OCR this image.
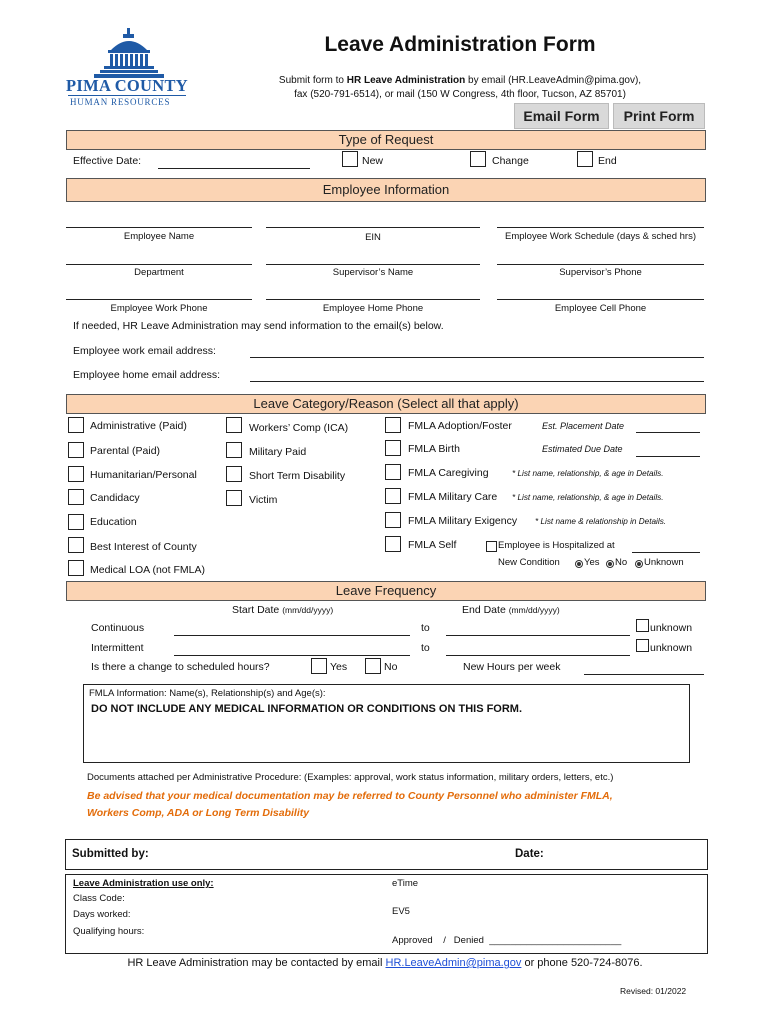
PIMA COUNTY
HUMAN RESOURCES
Leave Administration Form
Submit form to HR Leave Administration by email (HR.LeaveAdmin@pima.gov),
fax (520-791-6514), or mail (150 W Congress, 4th floor, Tucson, AZ 85701)
Email Form	Print Form
Type of Request
Effective Date:	New	Change	End
Employee Information
Employee Name	EIN	Employee Work Schedule (days & sched hrs)
Department	Supervisor’s Name	Supervisor’s Phone
Employee Work Phone	Employee Home Phone	Employee Cell Phone
If needed, HR Leave Administration may send information to the email(s) below.
Employee work email address:
Employee home email address:
Leave Category/Reason (Select all that apply)
Administrative (Paid)
Parental (Paid)
Humanitarian/Personal
Candidacy
Education
Best Interest of County
Medical LOA (not FMLA)
Workers’ Comp (ICA)
Military Paid
Short Term Disability
Victim
FMLA Adoption/Foster	Est. Placement Date
FMLA Birth	Estimated Due Date
FMLA Caregiving	* List name, relationship, & age in Details.
FMLA Military Care * List name, relationship, & age in Details.
FMLA Military Exigency * List name & relationship in Details.
FMLA Self	Employee is Hospitalized at
New Condition	Yes No Unknown
Leave Frequency
Start Date (mm/dd/yyyy)	End Date (mm/dd/yyyy)
Continuous	to	unknown
Intermittent	to	unknown
Is there a change to scheduled hours?	Yes	No	New Hours per week
FMLA Information: Name(s), Relationship(s) and Age(s):
DO NOT INCLUDE ANY MEDICAL INFORMATION OR CONDITIONS ON THIS FORM.
Documents attached per Administrative Procedure: (Examples: approval, work status information, military orders, letters, etc.)
Be advised that your medical documentation may be referred to County Personnel who administer FMLA,
Workers Comp, ADA or Long Term Disability
Submitted by:	Date:
Leave Administration use only:
Class Code:
Days worked:
Qualifying hours:
eTime
EV5
Approved / Denied _________________________
HR Leave Administration may be contacted by email HR.LeaveAdmin@pima.gov or phone 520-724-8076.
Revised: 01/2022
